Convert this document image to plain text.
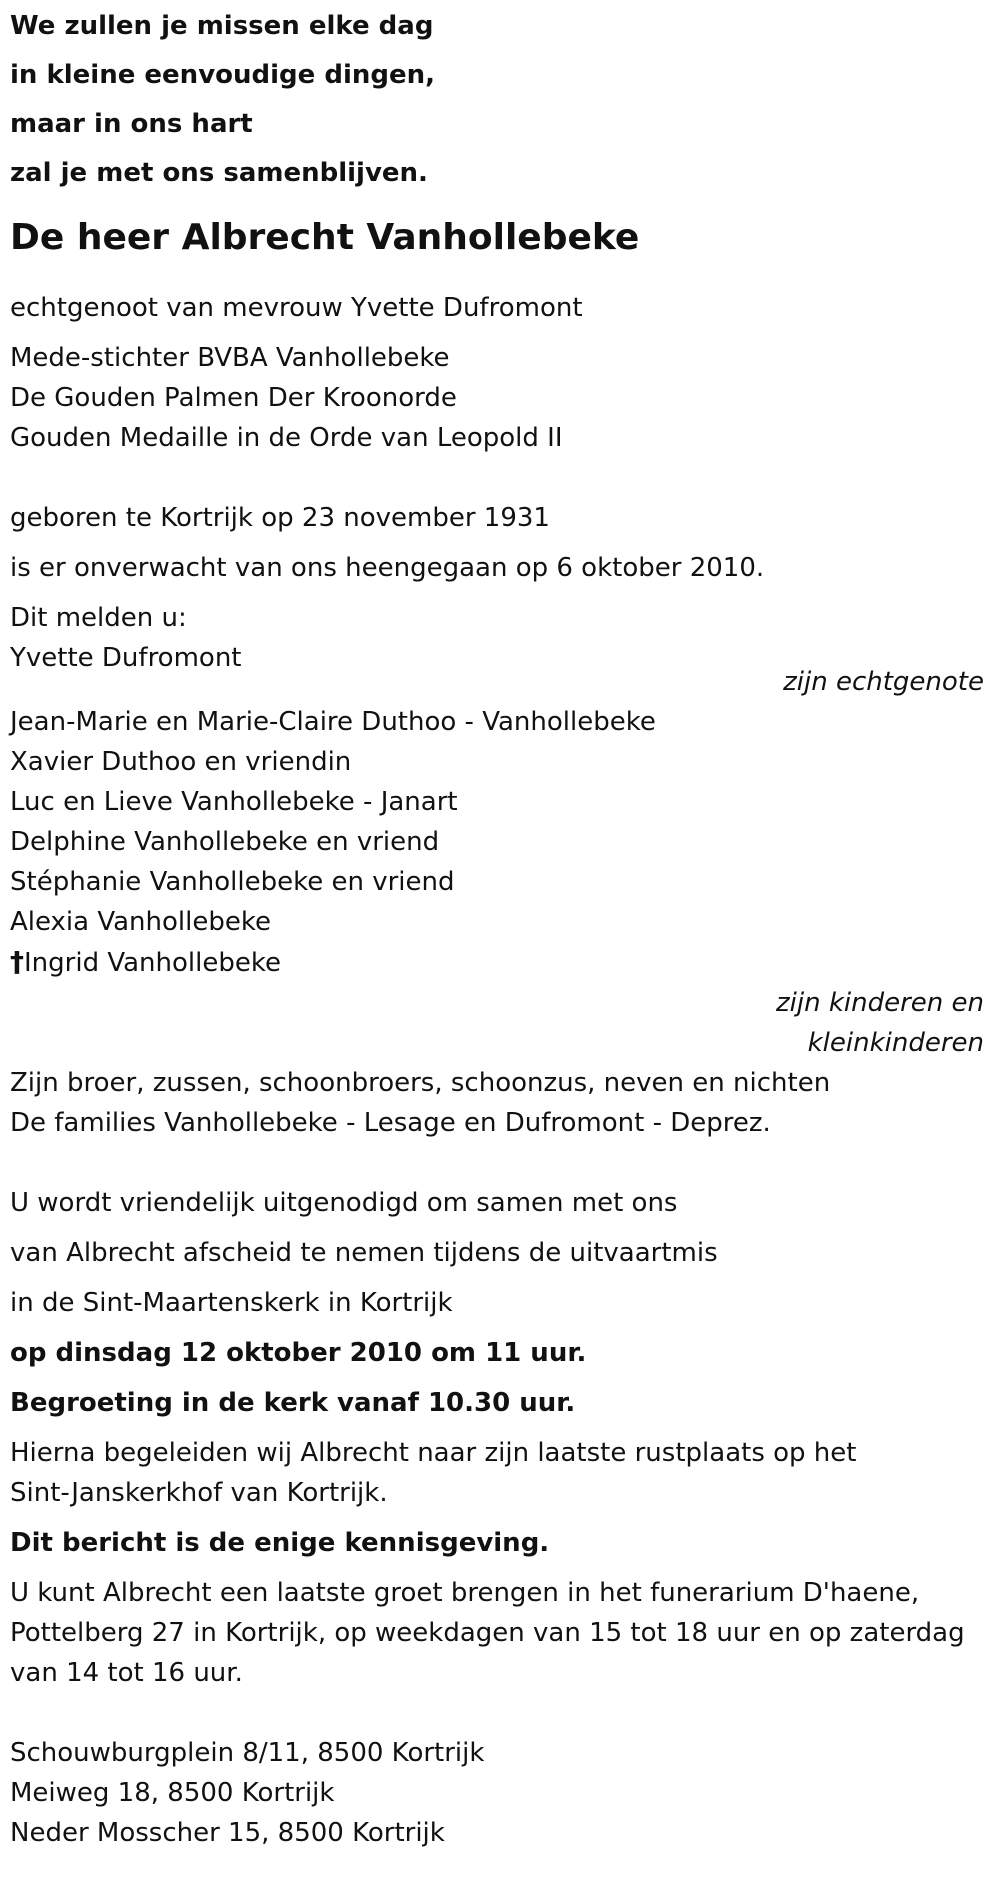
We zullen je missen elke dag
in kleine eenvoudige dingen,
maar in ons hart
zal je met ons samenblijven.
De heer Albrecht Vanhollebeke
echtgenoot van mevrouw Yvette Dufromont
Mede-stichter BVBA Vanhollebeke
De Gouden Palmen Der Kroonorde
Gouden Medaille in de Orde van Leopold II
geboren te Kortrijk op 23 november 1931
is er onverwacht van ons heengegaan op 6 oktober 2010.
Dit melden u:
Yvette Dufromont
zijn echtgenote
Jean-Marie en Marie-Claire Duthoo - Vanhollebeke
Xavier Duthoo en vriendin
Luc en Lieve Vanhollebeke - Janart
Delphine Vanhollebeke en vriend
Stéphanie Vanhollebeke en vriend
Alexia Vanhollebeke
†Ingrid Vanhollebeke
zijn kinderen en
kleinkinderen
Zijn broer, zussen, schoonbroers, schoonzus, neven en nichten
De families Vanhollebeke - Lesage en Dufromont - Deprez.
U wordt vriendelijk uitgenodigd om samen met ons
van Albrecht afscheid te nemen tijdens de uitvaartmis
in de Sint-Maartenskerk in Kortrijk
op dinsdag 12 oktober 2010 om 11 uur.
Begroeting in de kerk vanaf 10.30 uur.
Hierna begeleiden wij Albrecht naar zijn laatste rustplaats op het
Sint-Janskerkhof van Kortrijk.
Dit bericht is de enige kennisgeving.
U kunt Albrecht een laatste groet brengen in het funerarium D'haene,
Pottelberg 27 in Kortrijk, op weekdagen van 15 tot 18 uur en op zaterdag
van 14 tot 16 uur.
Schouwburgplein 8/11, 8500 Kortrijk
Meiweg 18, 8500 Kortrijk
Neder Mosscher 15, 8500 Kortrijk
